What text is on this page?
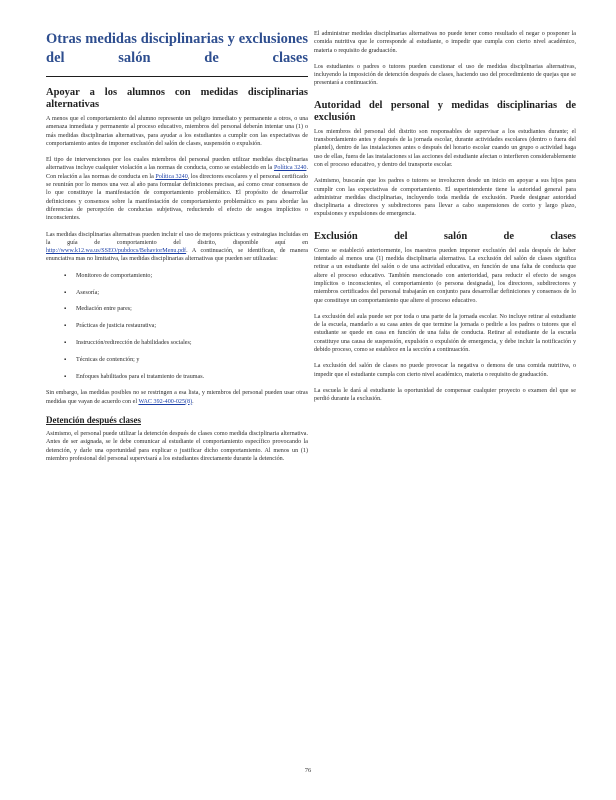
Otras medidas disciplinarias y exclusiones del salón de clases
Apoyar a los alumnos con medidas disciplinarias alternativas

A menos que el comportamiento del alumno represente un peligro inmediato y permanente a otros, o una amenaza inmediata y permanente al proceso educativo, miembros del personal deberán intentar una (1) o más medidas disciplinarias alternativas, para ayudar a los estudiantes a cumplir con las expectativas de comportamiento antes de imponer exclusión del salón de clases, suspensión o expulsión.

El tipo de intervenciones por los cuales miembros del personal pueden utilizar medidas disciplinarias alternativas incluye cualquier violación a las normas de conducta, como se establecido en la Política 3240. Con relación a las normas de conducta en la Política 3240, los directores escolares y el personal certificado se reunirán por lo menos una vez al año para formular definiciones precisas, así como crear consensos de lo que constituye la manifestación de comportamiento problemático. El propósito de desarrollar definiciones y consensos sobre la manifestación de comportamiento problemático es para abordar las diferencias de percepción de conductas subjetivas, reduciendo el efecto de sesgos implícitos o inconscientes.

Las medidas disciplinarias alternativas pueden incluir el uso de mejores prácticas y estrategias incluidas en la guía de comportamiento del distrito, disponible aquí en http://www.k12.wa.us/SSEO/pubdocs/BehaviorMenu.pdf. A continuación, se identifican, de manera enunciativa mas no limitativa, las medidas disciplinarias alternativas que pueden ser utilizadas:

▪	Monitoreo de comportamiento;
▪	Asesoría;
▪	Mediación entre pares;
▪	Prácticas de justicia restaurativa;
▪	Instrucción/redirección de habilidades sociales;
▪	Técnicas de contención; y
▪	Enfoques habilitados para el tratamiento de traumas.

Sin embargo, las medidas posibles no se restringen a esa lista, y miembros del personal pueden usar otras medidas que vayan de acuerdo con el WAC 392-400-025(8).

Detención después clases

Asimismo, el personal puede utilizar la detención después de clases como medida disciplinaria alternativa. Antes de ser asignada, se le debe comunicar al estudiante el comportamiento específico provocando la detención, y darle una oportunidad para explicar o justificar dicho comportamiento. Al menos un (1) miembro profesional del personal supervisará a los estudiantes directamente durante la detención.

El administrar medidas disciplinarias alternativas no puede tener como resultado el negar o posponer la comida nutritiva que le corresponde al estudiante, o impedir que cumpla con cierto nivel académico, materia o requisito de graduación.

Los estudiantes o padres o tutores pueden cuestionar el uso de medidas disciplinarias alternativas, incluyendo la imposición de detención después de clases, haciendo uso del procedimiento de quejas que se presentará a continuación.

Autoridad del personal y medidas disciplinarias de exclusión

Los miembros del personal del distrito son responsables de supervisar a los estudiantes durante; el transbordamiento antes y después de la jornada escolar, durante actividades escolares (dentro o fuera del plantel), dentro de las instalaciones antes o después del horario escolar cuando un grupo o actividad haga uso de ellas, fuera de las instalaciones si las acciones del estudiante afectan o interfieren considerablemente con el proceso educativo, y dentro del transporte escolar.

Asimismo, buscarán que los padres o tutores se involucren desde un inicio en apoyar a sus hijos para cumplir con las expectativas de comportamiento. El superintendente tiene la autoridad general para administrar medidas disciplinarias, incluyendo toda medida de exclusión. Puede designar autoridad disciplinaria a directores y subdirectores para llevar a cabo suspensiones de corto y largo plazo, expulsiones y expulsiones de emergencia.

Exclusión del salón de clases

Como se estableció anteriormente, los maestros pueden imponer exclusión del aula después de haber intentado al menos una (1) medida disciplinaria alternativa. La exclusión del salón de clases significa retirar a un estudiante del salón o de una actividad educativa, en función de una falta de conducta que altere el proceso educativo. También mencionado con anterioridad, para reducir el efecto de sesgos implícitos o inconscientes, el comportamiento (o persona designada), los directores, subdirectores y miembros certificados del personal trabajarán en conjunto para desarrollar definiciones y consensos de lo que constituye un comportamiento que altere el proceso educativo.

La exclusión del aula puede ser por toda o una parte de la jornada escolar. No incluye retirar al estudiante de la escuela, mandarlo a su casa antes de que termine la jornada o pedirle a los padres o tutores que el estudiante se quede en casa en función de una falta de conducta. Retirar al estudiante de la escuela constituye una causa de suspensión, expulsión o expulsión de emergencia, y debe incluir la notificación y debido proceso, como se establece en la sección a continuación.

La exclusión del salón de clases no puede provocar la negativa o demora de una comida nutritiva, o impedir que el estudiante cumpla con cierto nivel académico, materia o requisito de graduación.

La escuela le dará al estudiante la oportunidad de compensar cualquier proyecto o examen del que se perdió durante la exclusión.

76
